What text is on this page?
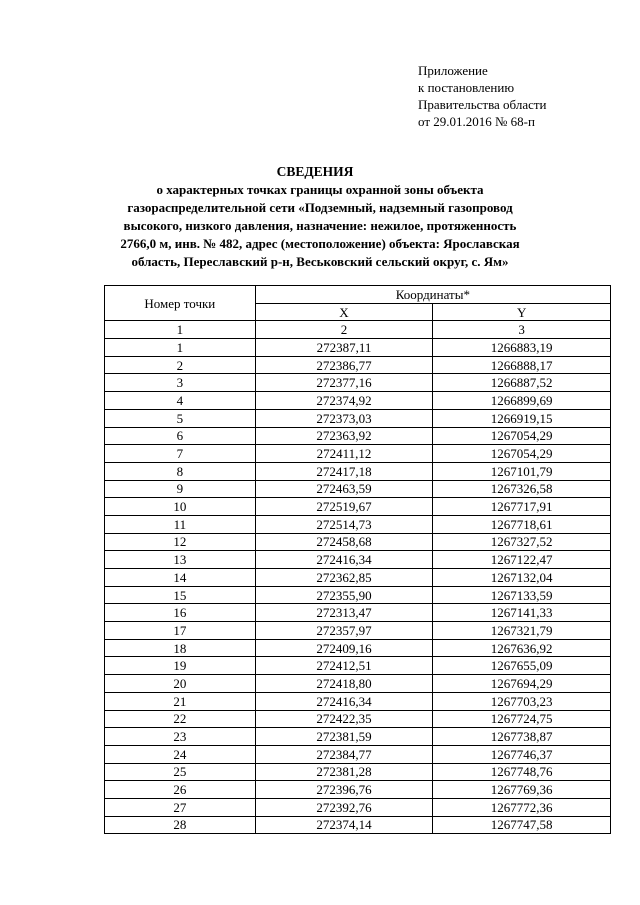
Приложение
к постановлению
Правительства области
от 29.01.2016 № 68-п
СВЕДЕНИЯ
о характерных точках границы охранной зоны объекта
газораспределительной сети «Подземный, надземный газопровод
высокого, низкого давления, назначение: нежилое, протяженность
2766,0 м, инв. № 482, адрес (местоположение) объекта: Ярославская
область, Переславский р-н, Веськовский сельский округ, с. Ям»
Номер точки	Координаты*	
	X	Y
1	2	3
1	272387,11	1266883,19
2	272386,77	1266888,17
3	272377,16	1266887,52
4	272374,92	1266899,69
5	272373,03	1266919,15
6	272363,92	1267054,29
7	272411,12	1267054,29
8	272417,18	1267101,79
9	272463,59	1267326,58
10	272519,67	1267717,91
11	272514,73	1267718,61
12	272458,68	1267327,52
13	272416,34	1267122,47
14	272362,85	1267132,04
15	272355,90	1267133,59
16	272313,47	1267141,33
17	272357,97	1267321,79
18	272409,16	1267636,92
19	272412,51	1267655,09
20	272418,80	1267694,29
21	272416,34	1267703,23
22	272422,35	1267724,75
23	272381,59	1267738,87
24	272384,77	1267746,37
25	272381,28	1267748,76
26	272396,76	1267769,36
27	272392,76	1267772,36
28	272374,14	1267747,58
